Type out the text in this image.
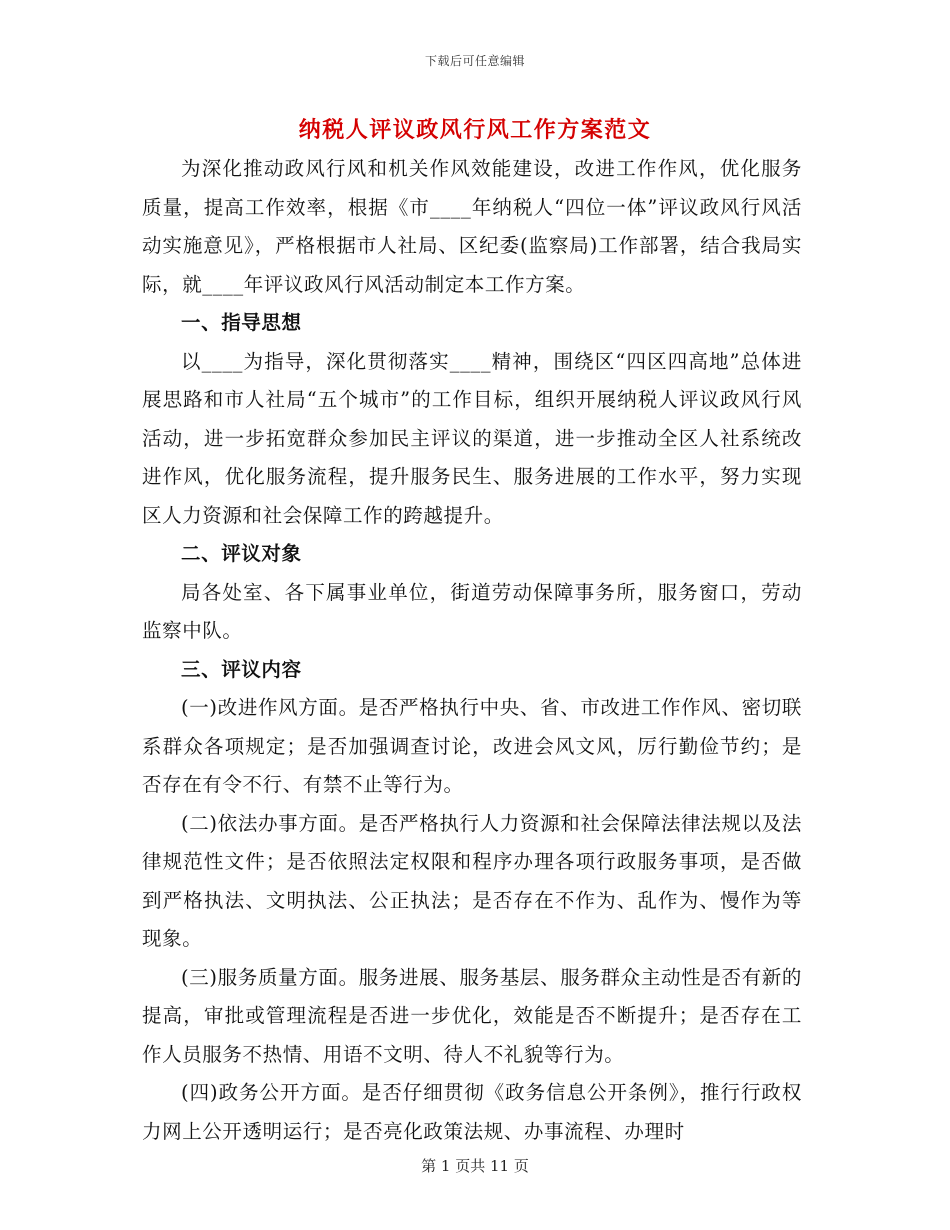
下载后可任意编辑
纳税人评议政风行风工作方案范文

为深化推动政风行风和机关作风效能建设，改进工作作风，优化服务质量，提高工作效率，根据《市____年纳税人“四位一体”评议政风行风活动实施意见》，严格根据市人社局、区纪委(监察局)工作部署，结合我局实际，就____年评议政风行风活动制定本工作方案。

一、指导思想

以____为指导，深化贯彻落实____精神，围绕区“四区四高地”总体进展思路和市人社局“五个城市”的工作目标，组织开展纳税人评议政风行风活动，进一步拓宽群众参加民主评议的渠道，进一步推动全区人社系统改进作风，优化服务流程，提升服务民生、服务进展的工作水平，努力实现区人力资源和社会保障工作的跨越提升。

二、评议对象

局各处室、各下属事业单位，街道劳动保障事务所，服务窗口，劳动监察中队。

三、评议内容

(一)改进作风方面。是否严格执行中央、省、市改进工作作风、密切联系群众各项规定；是否加强调查讨论，改进会风文风，厉行勤俭节约；是否存在有令不行、有禁不止等行为。

(二)依法办事方面。是否严格执行人力资源和社会保障法律法规以及法律规范性文件；是否依照法定权限和程序办理各项行政服务事项，是否做到严格执法、文明执法、公正执法；是否存在不作为、乱作为、慢作为等现象。

(三)服务质量方面。服务进展、服务基层、服务群众主动性是否有新的提高，审批或管理流程是否进一步优化，效能是否不断提升；是否存在工作人员服务不热情、用语不文明、待人不礼貌等行为。

(四)政务公开方面。是否仔细贯彻《政务信息公开条例》，推行行政权力网上公开透明运行；是否亮化政策法规、办事流程、办理时

第 1 页共 11 页
